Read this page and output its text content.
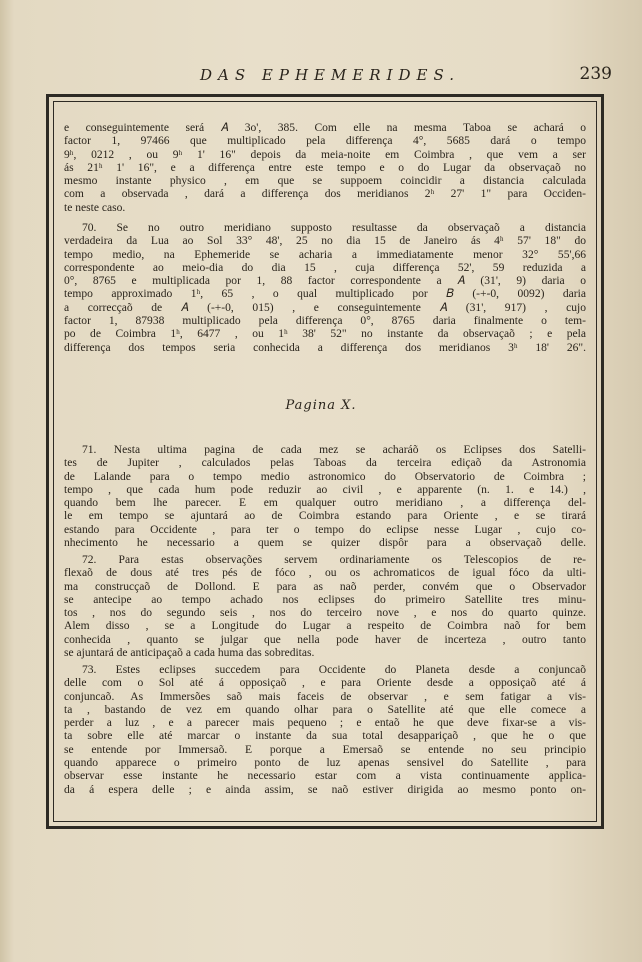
DAS EPHEMERIDES.	239
e conseguintemente será 𝐴 3o', 385. Com elle na mesma Taboa se achará o
factor 1, 97466 que multiplicado pela differença 4°, 5685 dará o tempo
9ʰ, 0212 , ou 9ʰ 1' 16" depois da meia-noite em Coimbra , que vem a ser
ás 21ʰ 1' 16", e a differença entre este tempo e o do Lugar da observaçaõ no
mesmo instante physico , em que se suppoem coincidir a distancia calculada
com a observada , dará a differença dos meridianos 2ʰ 27' 1" para Occiden-
te neste caso.
70. Se no outro meridiano supposto resultasse da observaçaõ a distancia
verdadeira da Lua ao Sol 33° 48', 25 no dia 15 de Janeiro ás 4ʰ 57' 18" do
tempo medio, na Ephemeride se acharia a immediatamente menor 32° 55',66
correspondente ao meio-dia do dia 15 , cuja differença 52', 59 reduzida a
0°, 8765 e multiplicada por 1, 88 factor correspondente a 𝐴 (31', 9) daria o
tempo approximado 1ʰ, 65 , o qual multiplicado por 𝐵 (-+-0, 0092) daria
a correcçaõ de 𝐴 (-+-0, 015) , e conseguintemente 𝐴 (31', 917) , cujo
factor 1, 87938 multiplicado pela differença 0°, 8765 daria finalmente o tem-
po de Coimbra 1ʰ, 6477 , ou 1ʰ 38' 52" no instante da observaçaõ ; e pela
differença dos tempos seria conhecida a differença dos meridianos 3ʰ 18' 26".
Pagina X.
71. Nesta ultima pagina de cada mez se acharáõ os Eclipses dos Satelli-
tes de Jupiter , calculados pelas Taboas da terceira ediçaõ da Astronomia
de Lalande para o tempo medio astronomico do Observatorio de Coimbra ;
tempo , que cada hum pode reduzir ao civil , e apparente (n. 1. e 14.) ,
quando bem lhe parecer. E em qualquer outro meridiano , a differença del-
le em tempo se ajuntará ao de Coimbra estando para Oriente , e se tirará
estando para Occidente , para ter o tempo do eclipse nesse Lugar , cujo co-
nhecimento he necessario a quem se quizer dispôr para a observaçaõ delle.
72. Para estas observações servem ordinariamente os Telescopios de re-
flexaõ de dous até tres pés de fóco , ou os achromaticos de igual fóco da ulti-
ma construcçaõ de Dollond. E para as naõ perder, convém que o Observador
se antecipe ao tempo achado nos eclipses do primeiro Satellite tres minu-
tos , nos do segundo seis , nos do terceiro nove , e nos do quarto quinze.
Alem disso , se a Longitude do Lugar a respeito de Coimbra naõ for bem
conhecida , quanto se julgar que nella pode haver de incerteza , outro tanto
se ajuntará de anticipaçaõ a cada huma das sobreditas.
73. Estes eclipses succedem para Occidente do Planeta desde a conjuncaõ
delle com o Sol até á opposiçaõ , e para Oriente desde a opposiçaõ até á
conjuncaõ. As Immersões saõ mais faceis de observar , e sem fatigar a vis-
ta , bastando de vez em quando olhar para o Satellite até que elle comece a
perder a luz , e a parecer mais pequeno ; e entaõ he que deve fixar-se a vis-
ta sobre elle até marcar o instante da sua total desappariçaõ , que he o que
se entende por Immersaõ. E porque a Emersaõ se entende no seu principio
quando apparece o primeiro ponto de luz apenas sensivel do Satellite , para
observar esse instante he necessario estar com a vista continuamente applica-
da á espera delle ; e ainda assim, se naõ estiver dirigida ao mesmo ponto on-
